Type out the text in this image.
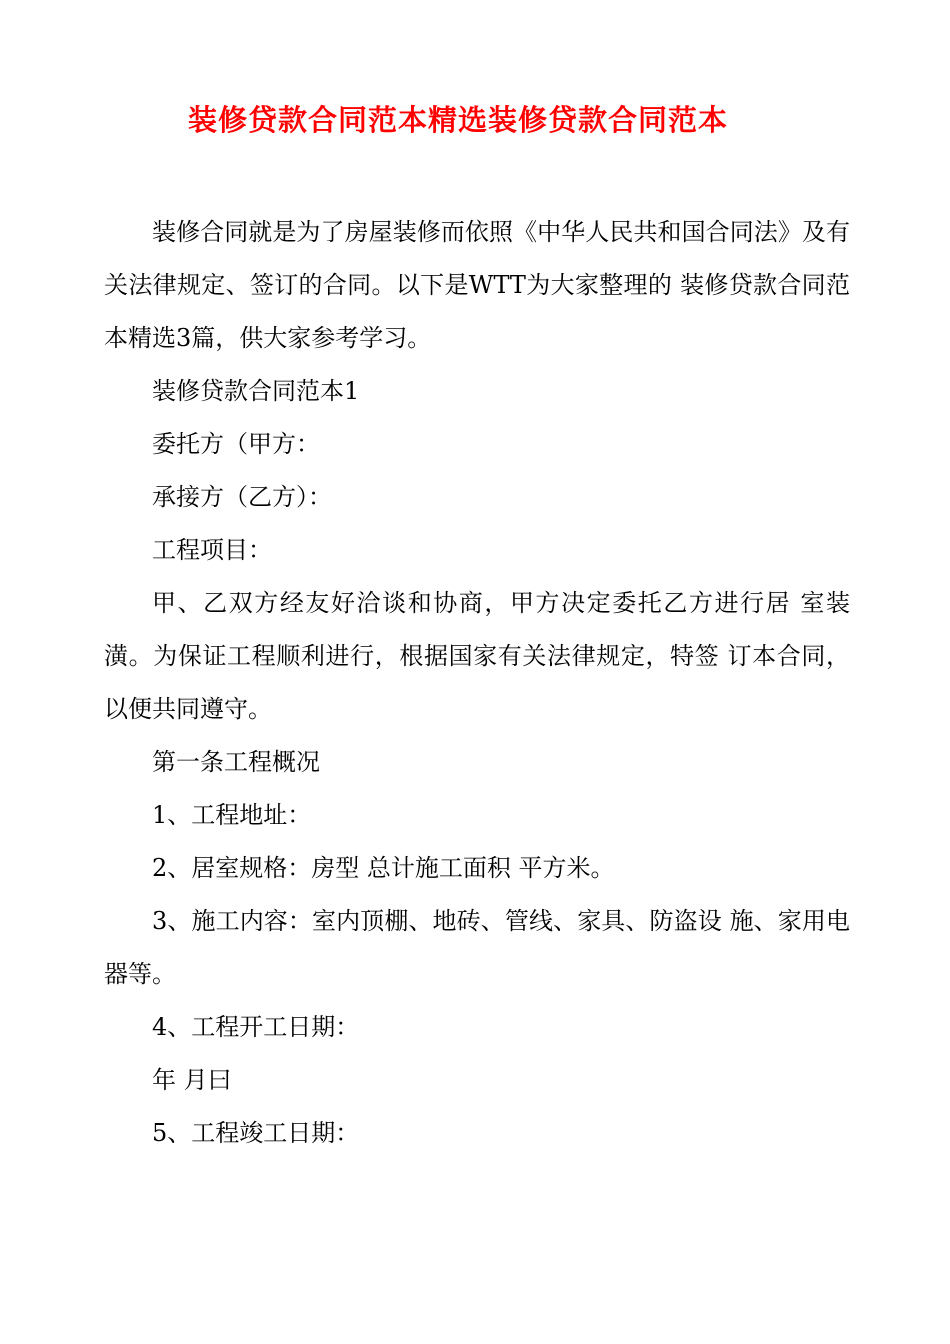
装修贷款合同范本精选装修贷款合同范本

装修合同就是为了房屋装修而依照《中华人民共和国合同法》及有关法律规定、签订的合同。以下是WTT为大家整理的 装修贷款合同范本精选3篇，供大家参考学习。

装修贷款合同范本1

委托方（甲方：

承接方（乙方）：

工程项目：

甲、乙双方经友好洽谈和协商，甲方决定委托乙方进行居 室装潢。为保证工程顺利进行，根据国家有关法律规定，特签 订本合同，以便共同遵守。

第一条工程概况

1、工程地址：

2、居室规格：房型 总计施工面积 平方米。

3、施工内容：室内顶棚、地砖、管线、家具、防盗设 施、家用电器等。

4、工程开工日期：

年 月曰

5、工程竣工日期：
